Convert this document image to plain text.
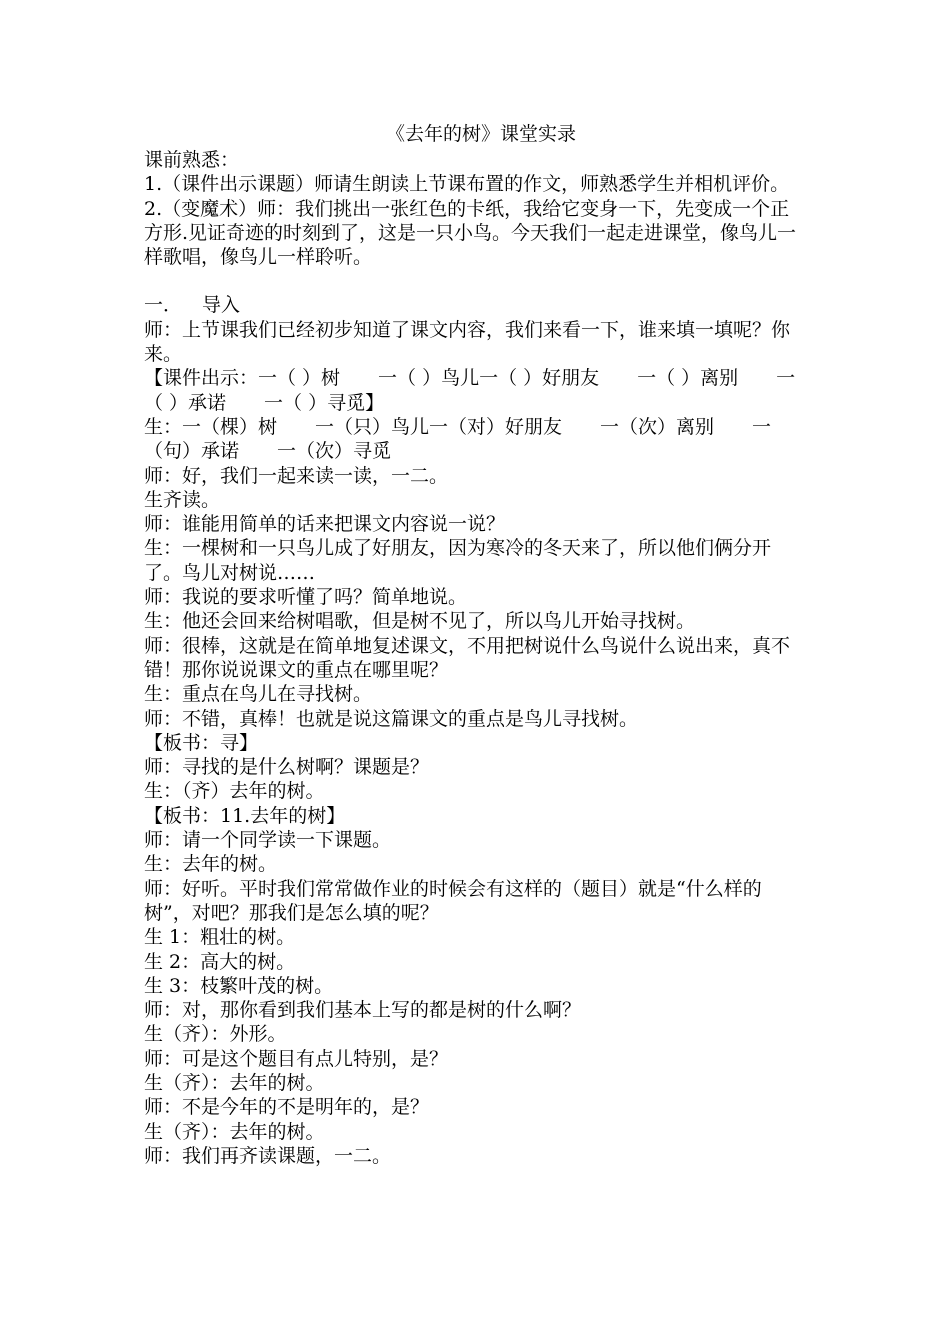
《去年的树》课堂实录

课前熟悉：

1.（课件出示课题）师请生朗读上节课布置的作文，师熟悉学生并相机评价。

2.（变魔术）师：我们挑出一张红色的卡纸，我给它变身一下，先变成一个正方形.见证奇迹的时刻到了，这是一只小鸟。今天我们一起走进课堂，像鸟儿一样歌唱，像鸟儿一样聆听。

一． 导入

师：上节课我们已经初步知道了课文内容，我们来看一下，谁来填一填呢？你来。

【课件出示：一（ ）树　　一（ ）鸟儿一（ ）好朋友　　一（ ）离别　　一（ ）承诺　　一（ ）寻觅】

生：一（棵）树　　一（只）鸟儿一（对）好朋友　　一（次）离别　　一（句）承诺　　一（次）寻觅

师：好，我们一起来读一读，一二。

生齐读。

师：谁能用简单的话来把课文内容说一说？

生：一棵树和一只鸟儿成了好朋友，因为寒冷的冬天来了，所以他们俩分开了。鸟儿对树说……

师：我说的要求听懂了吗？简单地说。

生：他还会回来给树唱歌，但是树不见了，所以鸟儿开始寻找树。

师：很棒，这就是在简单地复述课文，不用把树说什么鸟说什么说出来，真不错！那你说说课文的重点在哪里呢？

生：重点在鸟儿在寻找树。

师：不错，真棒！也就是说这篇课文的重点是鸟儿寻找树。

【板书：寻】

师：寻找的是什么树啊？课题是？

生：（齐）去年的树。

【板书：11.去年的树】

师：请一个同学读一下课题。

生：去年的树。

师：好听。平时我们常常做作业的时候会有这样的（题目）就是“什么样的树”，对吧？那我们是怎么填的呢？

生 1：粗壮的树。

生 2：高大的树。

生 3：枝繁叶茂的树。

师：对，那你看到我们基本上写的都是树的什么啊？

生（齐）：外形。

师：可是这个题目有点儿特别，是？

生（齐）：去年的树。

师：不是今年的不是明年的，是？

生（齐）：去年的树。

师：我们再齐读课题，一二。
